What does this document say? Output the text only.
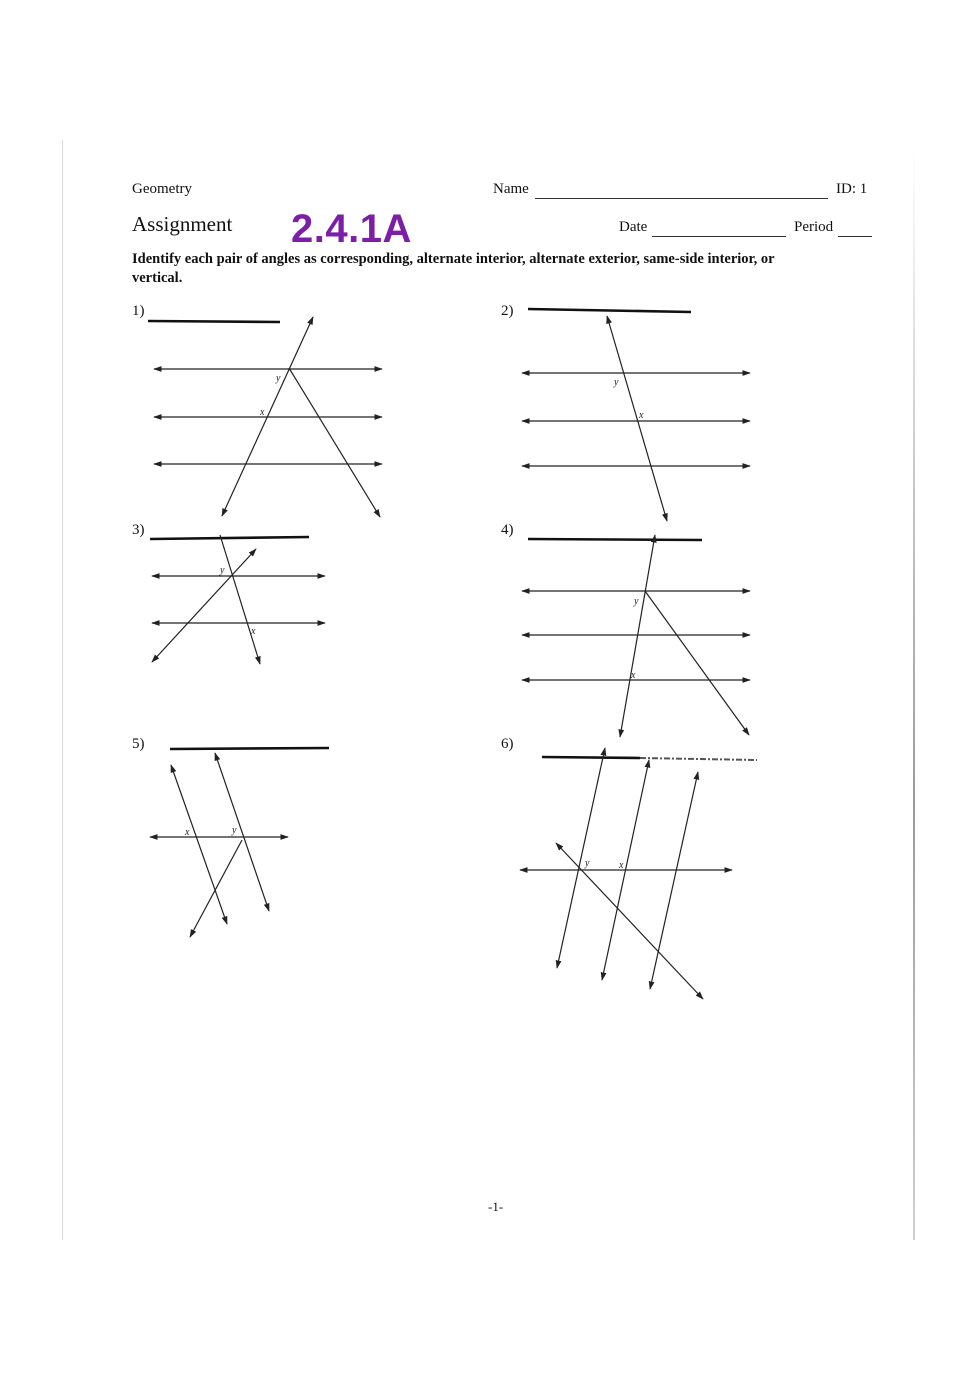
Geometry	Name	ID: 1
Assignment 2.4.1A	Date	Period
Identify each pair of angles as corresponding, alternate interior, alternate exterior, same-side interior, or vertical.
1)	2)
3)	4)
5)	6)
y
x
y
x
y
x
y
x
x	y
y	x
-1-
